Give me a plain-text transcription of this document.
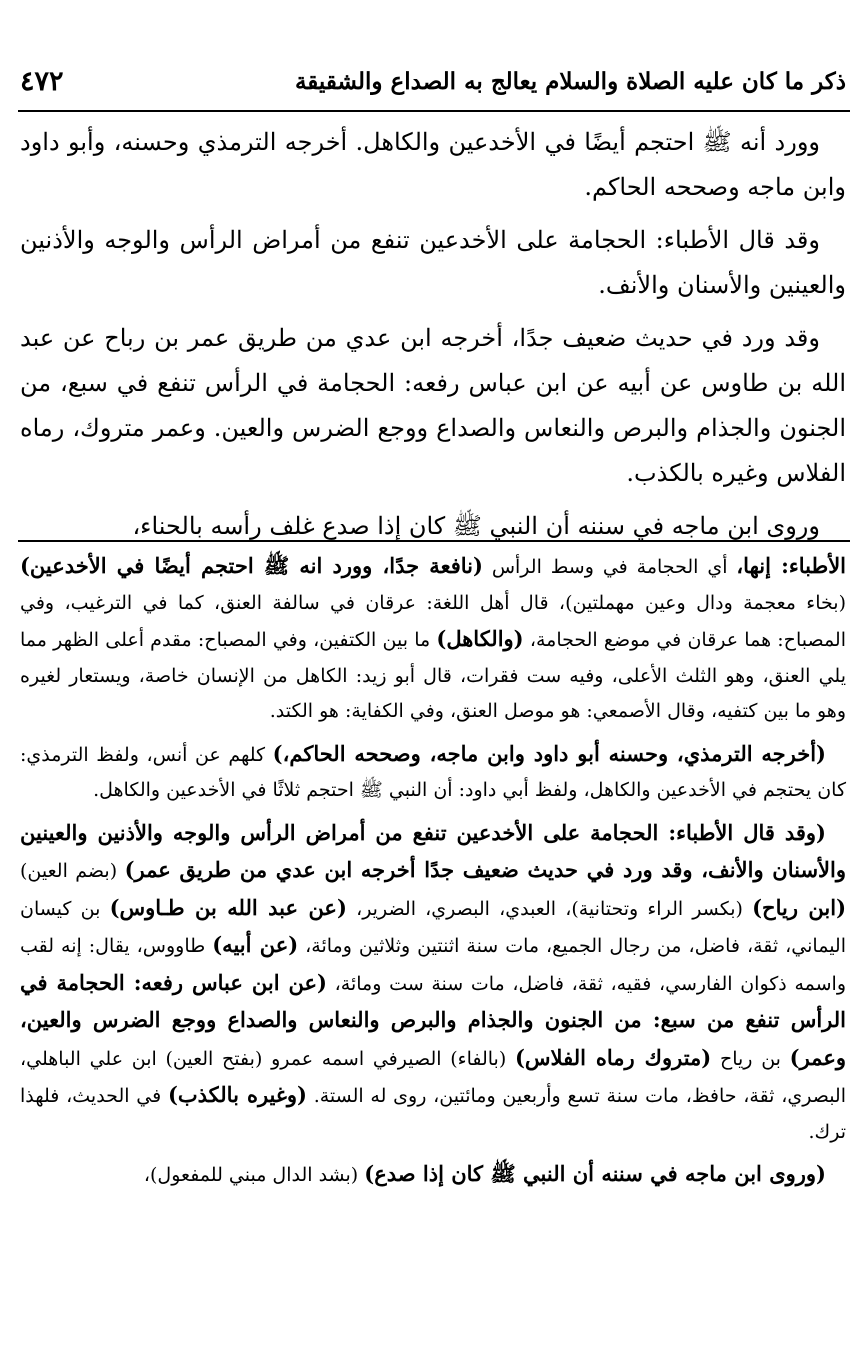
ذكر ما كان عليه الصلاة والسلام يعالج به الصداع والشقيقة
٤٧٢

وورد أنه ﷺ احتجم أيضًا في الأخدعين والكاهل. أخرجه الترمذي وحسنه، وأبو داود وابن ماجه وصححه الحاكم.

وقد قال الأطباء: الحجامة على الأخدعين تنفع من أمراض الرأس والوجه والأذنين والعينين والأسنان والأنف.

وقد ورد في حديث ضعيف جدًا، أخرجه ابن عدي من طريق عمر بن رباح عن عبد الله بن طاوس عن أبيه عن ابن عباس رفعه: الحجامة في الرأس تنفع في سبع، من الجنون والجذام والبرص والنعاس والصداع ووجع الضرس والعين. وعمر متروك، رماه الفلاس وغيره بالكذب.

وروى ابن ماجه في سننه أن النبي ﷺ كان إذا صدع غلف رأسه بالحناء،

الأطباء: إنها، أي الحجامة في وسط الرأس (نافعة جدًا، وورد انه ﷺ احتجم أيضًا في الأخدعين) (بخاء معجمة ودال وعين مهملتين)، قال أهل اللغة: عرقان في سالفة العنق، كما في الترغيب، وفي المصباح: هما عرقان في موضع الحجامة، (والكاهل) ما بين الكتفين، وفي المصباح: مقدم أعلى الظهر مما يلي العنق، وهو الثلث الأعلى، وفيه ست فقرات، قال أبو زيد: الكاهل من الإنسان خاصة، ويستعار لغيره وهو ما بين كتفيه، وقال الأصمعي: هو موصل العنق، وفي الكفاية: هو الكتد.

(أخرجه الترمذي، وحسنه أبو داود وابن ماجه، وصححه الحاكم،) كلهم عن أنس، ولفظ الترمذي: كان يحتجم في الأخدعين والكاهل، ولفظ أبي داود: أن النبي ﷺ احتجم ثلاثًا في الأخدعين والكاهل.

(وقد قال الأطباء: الحجامة على الأخدعين تنفع من أمراض الرأس والوجه والأذنين والعينين والأسنان والأنف، وقد ورد في حديث ضعيف جدًا أخرجه ابن عدي من طريق عمر) (بضم العين) (ابن رياح) (بكسر الراء وتحتانية)، العبدي، البصري، الضرير، (عن عبد الله بن طـاوس) بن كيسان اليماني، ثقة، فاضل، من رجال الجميع، مات سنة اثنتين وثلاثين ومائة، (عن أبيه) طاووس، يقال: إنه لقب واسمه ذكوان الفارسي، فقيه، ثقة، فاضل، مات سنة ست ومائة، (عن ابن عباس رفعه: الحجامة في الرأس تنفع من سبع: من الجنون والجذام والبرص والنعاس والصداع ووجع الضرس والعين، وعمر) بن رياح (متروك رماه الفلاس) (بالفاء) الصيرفي اسمه عمرو (بفتح العين) ابن علي الباهلي، البصري، ثقة، حافظ، مات سنة تسع وأربعين ومائتين، روى له الستة. (وغيره بالكذب) في الحديث، فلهذا ترك.

(وروى ابن ماجه في سننه أن النبي ﷺ كان إذا صدع) (بشد الدال مبني للمفعول)،
